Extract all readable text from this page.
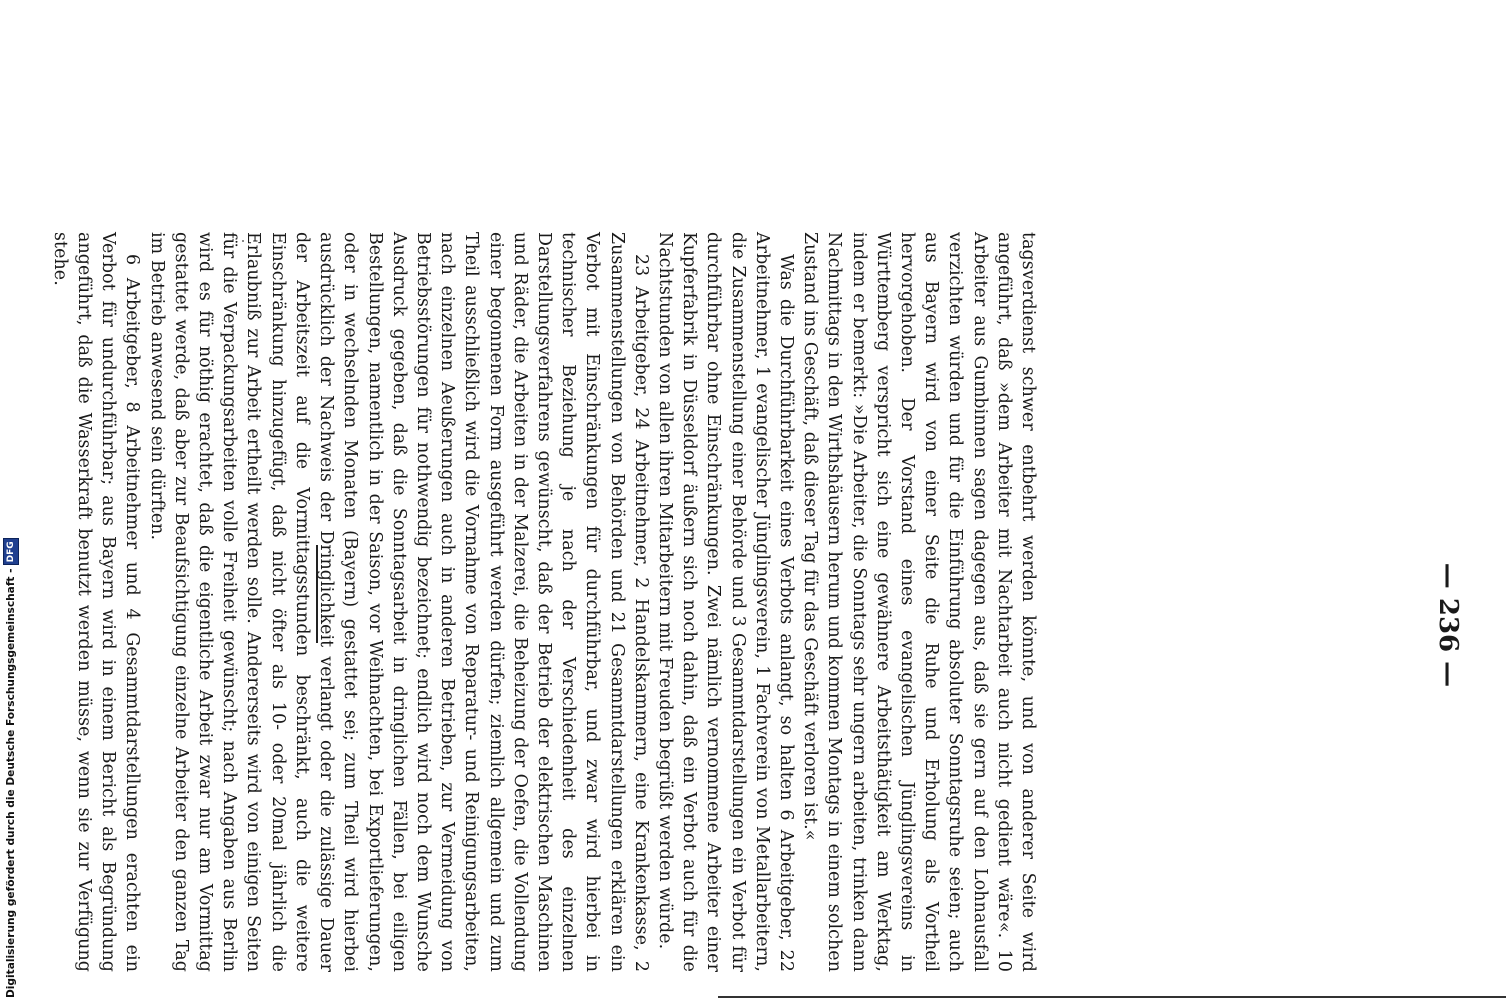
— 236 —

tagsverdienst schwer entbehrt werden könnte, und von anderer Seite wird angeführt, daß »dem Arbeiter mit Nachtarbeit auch nicht gedient wäre«. 10 Arbeiter aus Gumbinnen sagen dagegen aus, daß sie gern auf den Lohnausfall verzichten würden und für die Einführung absoluter Sonntagsruhe seien; auch aus Bayern wird von einer Seite die Ruhe und Erholung als Vortheil hervorgehoben. Der Vorstand eines evangelischen Jünglingsvereins in Württemberg verspricht sich eine gewähnere Arbeitsthätigkeit am Werktag, indem er bemerkt: »Die Arbeiter, die Sonntags sehr ungern arbeiten, trinken dann Nachmittags in den Wirthshäusern herum und kommen Montags in einem solchen Zustand ins Geschäft, daß dieser Tag für das Geschäft verloren ist.«

Was die Durchführbarkeit eines Verbots anlangt, so halten 6 Arbeitgeber, 22 Arbeitnehmer, 1 evangelischer Jünglingsverein, 1 Fachverein von Metallarbeitern, die Zusammenstellung einer Behörde und 3 Gesammtdarstellungen ein Verbot für durchführbar ohne Einschränkungen. Zwei nämlich vernommene Arbeiter einer Kupferfabrik in Düsseldorf äußern sich noch dahin, daß ein Verbot auch für die Nachtstunden von allen ihren Mitarbeitern mit Freuden begrüßt werden würde.

23 Arbeitgeber, 24 Arbeitnehmer, 2 Handelskammern, eine Krankenkasse, 2 Zusammenstellungen von Behörden und 21 Gesammtdarstellungen erklären ein Verbot mit Einschränkungen für durchführbar, und zwar wird hierbei in technischer Beziehung je nach der Verschiedenheit des einzelnen Darstellungsverfahrens gewünscht, daß der Betrieb der elektrischen Maschinen und Räder, die Arbeiten in der Malzerei, die Beheizung der Oefen, die Vollendung einer begonnenen Form ausgeführt werden dürfen; ziemlich allgemein und zum Theil ausschließlich wird die Vornahme von Reparatur- und Reinigungsarbeiten, nach einzelnen Aeußerungen auch in anderen Betrieben, zur Vermeidung von Betriebsstörungen für nothwendig bezeichnet; endlich wird noch dem Wunsche Ausdruck gegeben, daß die Sonntagsarbeit in dringlichen Fällen, bei eiligen Bestellungen, namentlich in der Saison, vor Weihnachten, bei Exportlieferungen, oder in wechselnden Monaten (Bayern) gestattet sei; zum Theil wird hierbei ausdrücklich der Nachweis der Dringlichkeit verlangt oder die zulässige Dauer der Arbeitszeit auf die Vormittagsstunden beschränkt, auch die weitere Einschränkung hinzugefügt, daß nicht öfter als 10- oder 20mal jährlich die Erlaubniß zur Arbeit ertheilt werden solle. Andererseits wird von einigen Seiten für die Verpackungsarbeiten volle Freiheit gewünscht; nach Angaben aus Berlin wird es für nöthig erachtet, daß die eigentliche Arbeit zwar nur am Vormittag gestattet werde, daß aber zur Beaufsichtigung einzelne Arbeiter den ganzen Tag im Betrieb anwesend sein dürften.

6 Arbeitgeber, 8 Arbeitnehmer und 4 Gesammtdarstellungen erachten ein Verbot für undurchführbar; aus Bayern wird in einem Bericht als Begründung angeführt, daß die Wasserkraft benutzt werden müsse, wenn sie zur Verfügung stehe.

Digitalisierung gefördert durch die Deutsche Forschungsgemeinschaft -DFG
